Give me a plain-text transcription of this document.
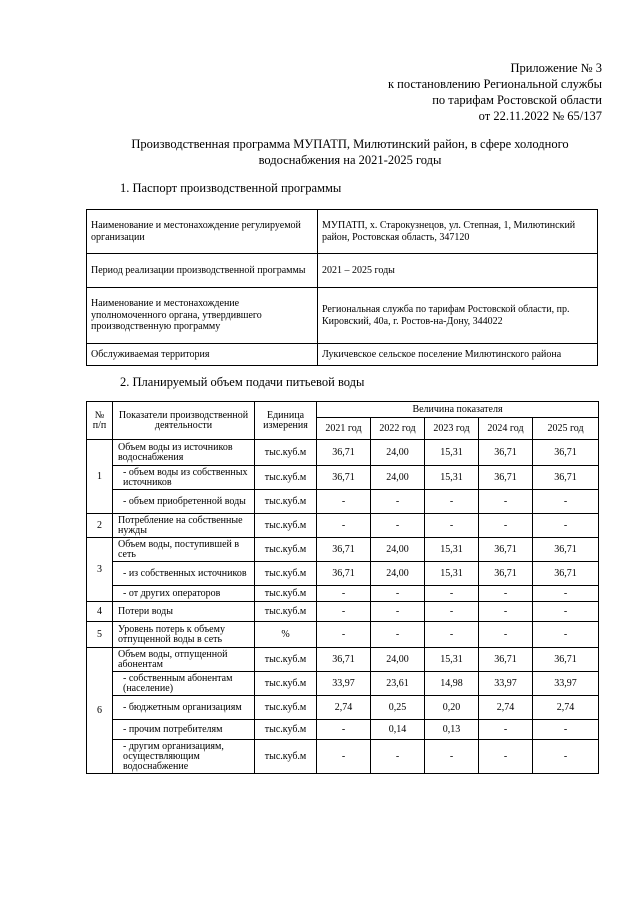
Приложение № 3
к постановлению Региональной службы
по тарифам Ростовской области
от 22.11.2022 № 65/137
Производственная программа МУПАТП, Милютинский район, в сфере холодного
водоснабжения на 2021-2025 годы
1. Паспорт производственной программы
Наименование и местонахождение регулируемой организации	МУПАТП, х. Старокузнецов, ул. Степная, 1, Милютинский район, Ростовская область, 347120
Период реализации производственной программы	2021 – 2025 годы
Наименование и местонахождение уполномоченного органа, утвердившего производственную программу	Региональная служба по тарифам Ростовской области, пр. Кировский, 40а, г. Ростов-на-Дону, 344022
Обслуживаемая территория	Лукичевское сельское поселение Милютинского района
2. Планируемый объем подачи питьевой воды
№ п/п	Показатели производственной деятельности	Единица измерения	Величина показателя				
			2021 год	2022 год	2023 год	2024 год	2025 год
1	Объем воды из источников водоснабжения	тыс.куб.м	36,71	24,00	15,31	36,71	36,71
	- объем воды из собственных источников	тыс.куб.м	36,71	24,00	15,31	36,71	36,71
	- объем приобретенной воды	тыс.куб.м	-	-	-	-	-
2	Потребление на собственные нужды	тыс.куб.м	-	-	-	-	-
3	Объем воды, поступившей в сеть	тыс.куб.м	36,71	24,00	15,31	36,71	36,71
	- из собственных источников	тыс.куб.м	36,71	24,00	15,31	36,71	36,71
	- от других операторов	тыс.куб.м	-	-	-	-	-
4	Потери воды	тыс.куб.м	-	-	-	-	-
5	Уровень потерь к объему отпущенной воды в сеть	%	-	-	-	-	-
6	Объем воды, отпущенной абонентам	тыс.куб.м	36,71	24,00	15,31	36,71	36,71
	- собственным абонентам (население)	тыс.куб.м	33,97	23,61	14,98	33,97	33,97
	- бюджетным организациям	тыс.куб.м	2,74	0,25	0,20	2,74	2,74
	- прочим потребителям	тыс.куб.м	-	0,14	0,13	-	-
	- другим организациям, осуществляющим водоснабжение	тыс.куб.м	-	-	-	-	-
